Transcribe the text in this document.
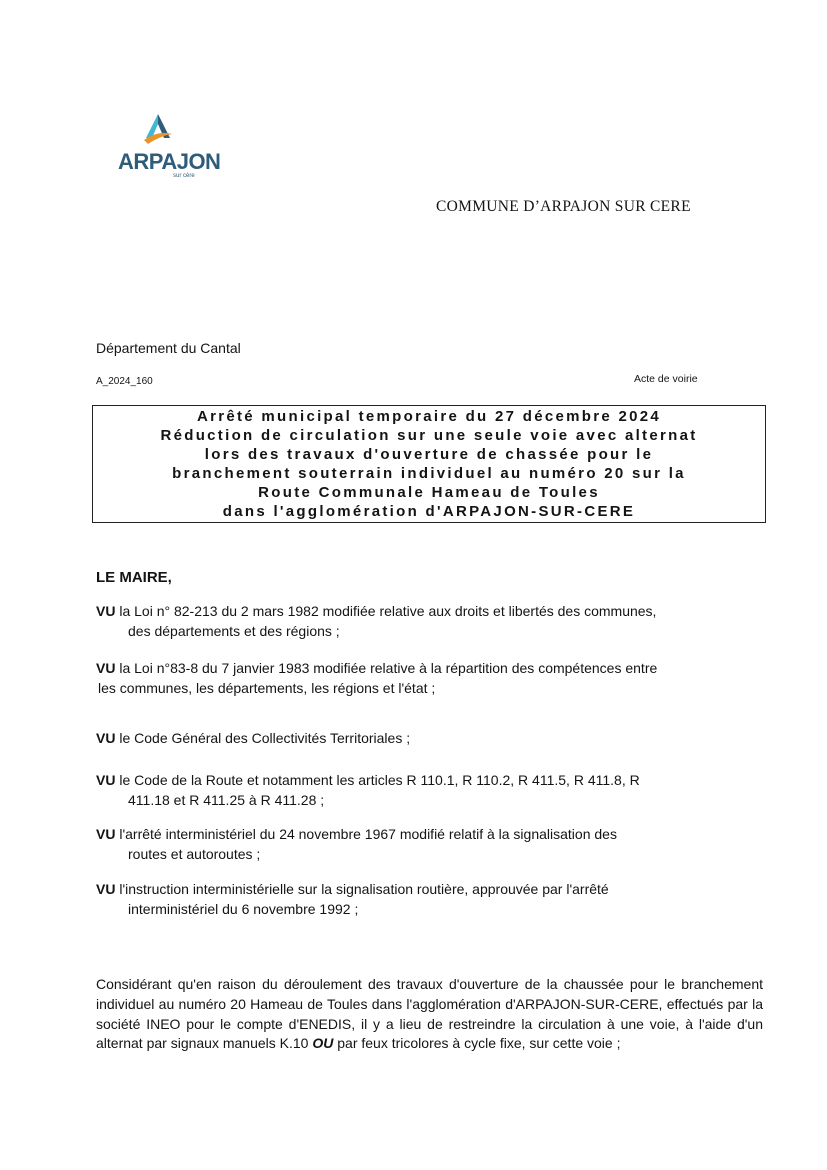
ARPAJON
sur cère
COMMUNE D’ARPAJON SUR CERE
Département du Cantal
A_2024_160	Acte de voirie
Arrêté municipal temporaire du 27 décembre 2024
Réduction de circulation sur une seule voie avec alternat
lors des travaux d'ouverture de chassée pour le
branchement souterrain individuel au numéro 20 sur la
Route Communale Hameau de Toules
dans l'agglomération d'ARPAJON-SUR-CERE
LE MAIRE,
VU la Loi n° 82-213 du 2 mars 1982 modifiée relative aux droits et libertés des communes,
des départements et des régions ;
VU la Loi n°83-8 du 7 janvier 1983 modifiée relative à la répartition des compétences entre
les communes, les départements, les régions et l'état ;
VU le Code Général des Collectivités Territoriales ;
VU le Code de la Route et notamment les articles R 110.1, R 110.2, R 411.5, R 411.8, R
411.18 et R 411.25 à R 411.28 ;
VU l'arrêté interministériel du 24 novembre 1967 modifié relatif à la signalisation des
routes et autoroutes ;
VU l'instruction interministérielle sur la signalisation routière, approuvée par l'arrêté
interministériel du 6 novembre 1992 ;
Considérant qu'en raison du déroulement des travaux d'ouverture de la chaussée pour le branchement individuel au numéro 20 Hameau de Toules dans l'agglomération d'ARPAJON-SUR-CERE, effectués par la société INEO pour le compte d'ENEDIS, il y a lieu de restreindre la circulation à une voie, à l'aide d'un alternat par signaux manuels K.10 OU par feux tricolores à cycle fixe, sur cette voie ;
